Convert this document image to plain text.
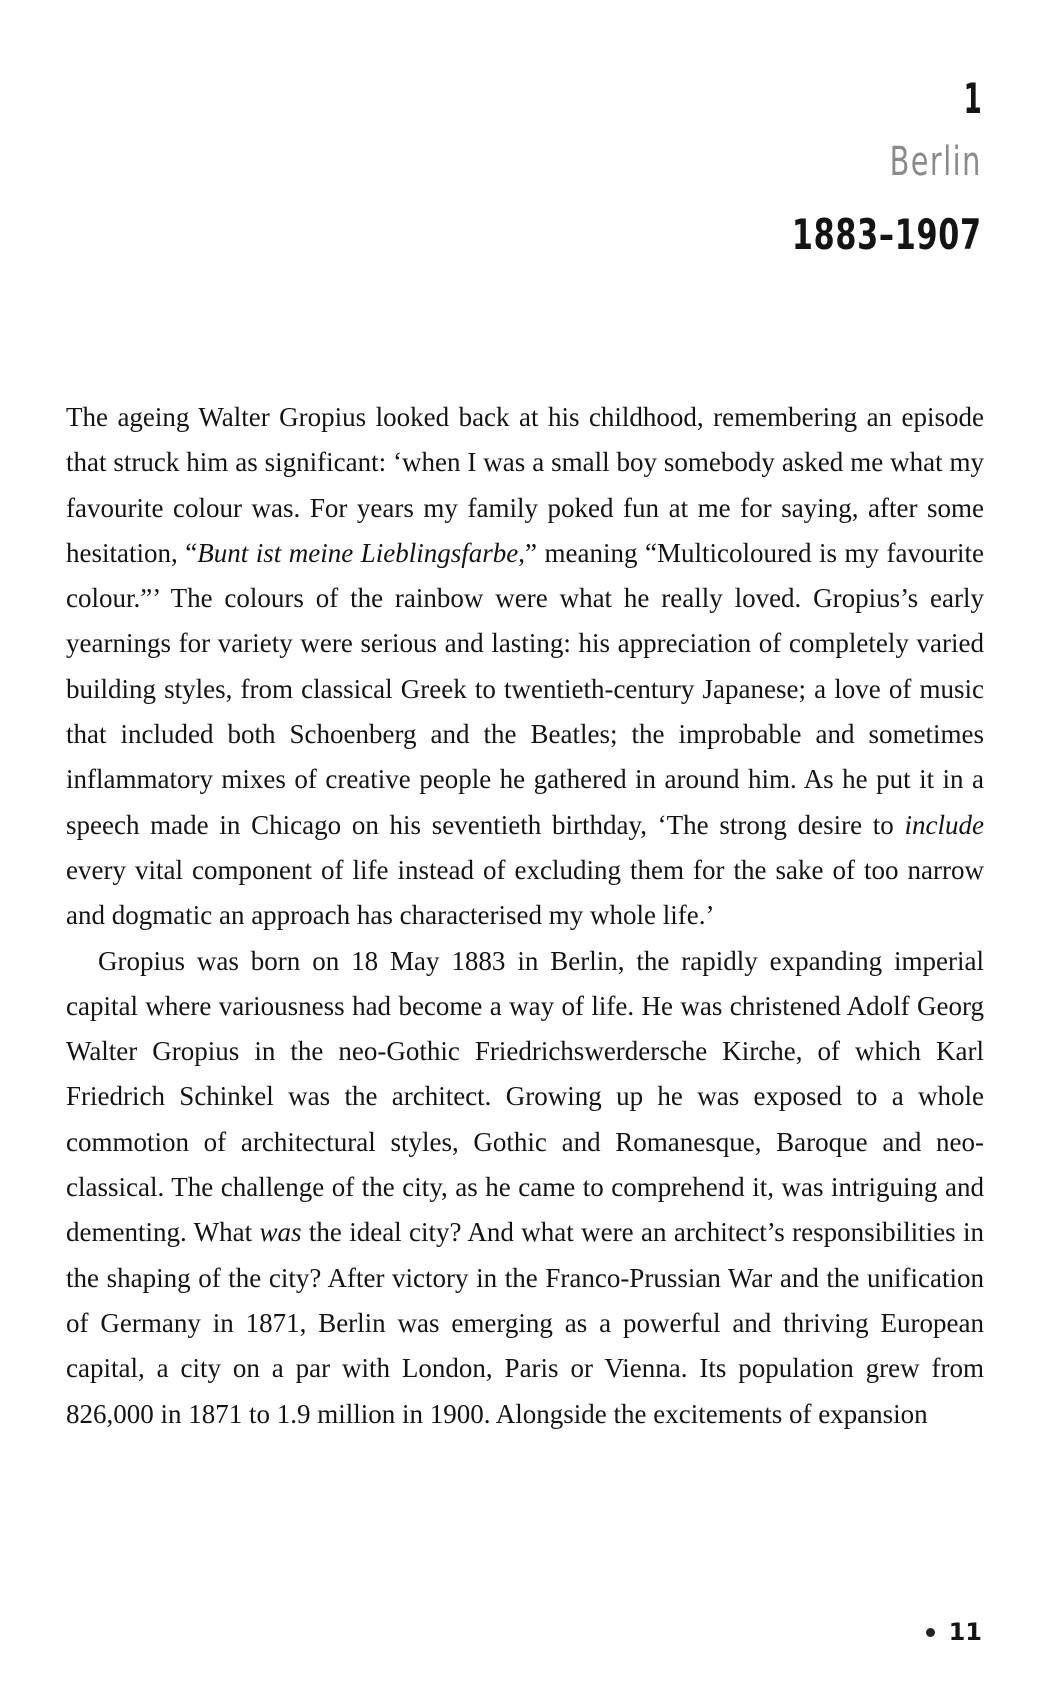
1
Berlin
1883–1907

The ageing Walter Gropius looked back at his childhood, remembering an episode that struck him as significant: ‘when I was a small boy somebody asked me what my favourite colour was. For years my family poked fun at me for saying, after some hesitation, “Bunt ist meine Lieblingsfarbe,” meaning “Multicoloured is my favourite colour.”’ The colours of the rainbow were what he really loved. Gropius’s early yearnings for variety were serious and lasting: his appreciation of completely varied building styles, from classical Greek to twentieth-century Japanese; a love of music that included both Schoenberg and the Beatles; the improbable and sometimes inflammatory mixes of creative people he gathered in around him. As he put it in a speech made in Chicago on his seventieth birthday, ‘The strong desire to include every vital component of life instead of excluding them for the sake of too narrow and dogmatic an approach has characterised my whole life.’

Gropius was born on 18 May 1883 in Berlin, the rapidly expanding imperial capital where variousness had become a way of life. He was christened Adolf Georg Walter Gropius in the neo-Gothic Friedrichswerdersche Kirche, of which Karl Friedrich Schinkel was the architect. Growing up he was exposed to a whole commotion of architectural styles, Gothic and Romanesque, Baroque and neo-classical. The challenge of the city, as he came to comprehend it, was intriguing and dementing. What was the ideal city? And what were an architect’s responsibilities in the shaping of the city? After victory in the Franco-Prussian War and the unification of Germany in 1871, Berlin was emerging as a powerful and thriving European capital, a city on a par with London, Paris or Vienna. Its population grew from 826,000 in 1871 to 1.9 million in 1900. Alongside the excitements of expansion

11
